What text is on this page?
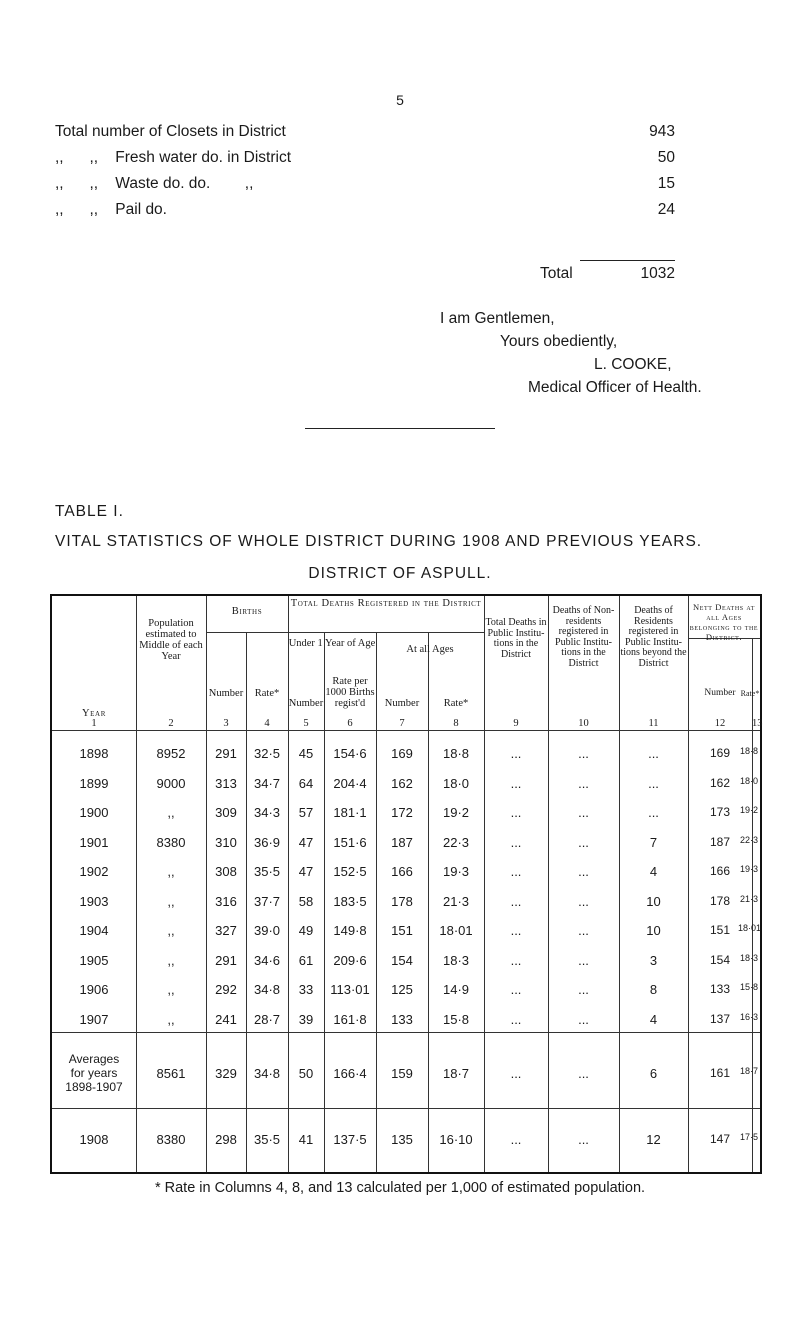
5
Total number of Closets in District	943
,,      ,,    Fresh water do. in District	50
,,      ,,    Waste do. do.        ,,	15
,,      ,,    Pail do.	24
Total	1032
I am Gentlemen,
Yours obediently,
L. COOKE,
Medical Officer of Health.
TABLE I.
VITAL STATISTICS OF WHOLE DISTRICT DURING 1908 AND PREVIOUS YEARS.
DISTRICT OF ASPULL.
Year
Population estimated to Middle of each Year
Births
Number	Rate*
Total Deaths Registered in the District
Under 1 Year of Age
Number
Rate per 1000 Births regist'd
At all Ages
Number	Rate*
Total Deaths in Public Institu- tions in the District
Deaths of Non- residents registered in Public Institu- tions in the District
Deaths of Residents registered in Public Institu- tions beyond the District
Nett Deaths at all Ages belonging to the District.
Number Rate*
1	2	3	4	5	6	7	8	9	10	11	12	13
1898	8952	291	32·5	45	154·6	169	18·8	...	...	...	169	18·8
1899	9000	313	34·7	64	204·4	162	18·0	...	...	...	162	18·0
1900	,,	309	34·3	57	181·1	172	19·2	...	...	...	173	19·2
1901	8380	310	36·9	47	151·6	187	22·3	...	...	7	187	22·3
1902	,,	308	35·5	47	152·5	166	19·3	...	...	4	166	19·3
1903	,,	316	37·7	58	183·5	178	21·3	...	...	10	178	21·3
1904	,,	327	39·0	49	149·8	151	18·01	...	...	10	151 18·01
1905	,,	291	34·6	61	209·6	154	18·3	...	...	3	154	18·3
1906	,,	292	34·8	33	113·01	125	14·9	...	...	8	133	15·8
1907	,,	241	28·7	39	161·8	133	15·8	...	...	4	137	16·3
Averages
for years
1898-1907
8561	329	34·8	50	166·4	159	18·7	...	...	6	161	18·7
1908	8380	298	35·5	41	137·5	135	16·10	...	...	12	147	17·5
* Rate in Columns 4, 8, and 13 calculated per 1,000 of estimated population.
